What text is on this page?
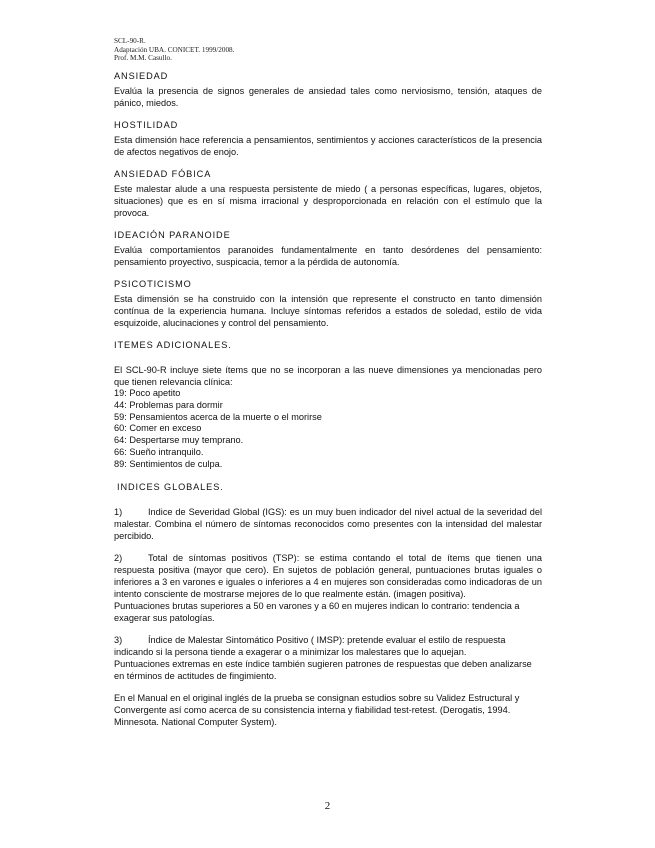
SCL-90-R.
Adaptación UBA. CONICET. 1999/2008.
Prof. M.M. Casullo.
ANSIEDAD

Evalúa la presencia de signos generales de ansiedad tales como nerviosismo, tensión, ataques de pánico, miedos.

HOSTILIDAD

Esta dimensión hace referencia a pensamientos, sentimientos y acciones característicos de la presencia de afectos negativos de enojo.

ANSIEDAD FÓBICA

Este malestar alude a una respuesta persistente de miedo ( a personas específicas, lugares, objetos, situaciones) que es en sí misma irracional y desproporcionada en relación con el estímulo que la provoca.

IDEACIÓN PARANOIDE

Evalúa comportamientos paranoides fundamentalmente en tanto desórdenes del pensamiento: pensamiento proyectivo, suspicacia, temor a la pérdida de autonomía.

PSICOTICISMO

Esta dimensión se ha construido con la intensión que represente el constructo en tanto dimensión contínua de la experiencia humana. Incluye síntomas referidos a estados de soledad, estilo de vida esquizoide, alucinaciones y control del pensamiento.

ITEMES ADICIONALES.

El SCL-90-R incluye siete ítems que no se incorporan a las nueve dimensiones ya mencionadas pero que tienen relevancia clínica:

19: Poco apetito
44: Problemas para dormir
59: Pensamientos acerca de la muerte o el morirse
60: Comer en exceso
64: Despertarse muy temprano.
66: Sueño intranquilo.
89: Sentimientos de culpa.
INDICES GLOBALES.

1)	Indice de Severidad Global (IGS): es un muy buen indicador del nivel actual de la severidad del malestar. Combina el número de síntomas reconocidos como presentes con la intensidad del malestar percibido.

2)	Total de síntomas positivos (TSP): se estima contando el total de ítems que tienen una respuesta positiva (mayor que cero). En sujetos de población general, puntuaciones brutas iguales o inferiores a 3 en varones e iguales o inferiores a 4 en mujeres son consideradas como indicadoras de un intento consciente de mostrarse mejores de lo que realmente están. (imagen positiva).

Puntuaciones brutas superiores a 50 en varones y a 60 en mujeres indican lo contrario: tendencia a exagerar sus patologías.

3)	Índice de Malestar Sintomático Positivo ( IMSP): pretende evaluar el estilo de respuesta indicando si la persona tiende a exagerar o a minimizar los malestares que lo aquejan.

Puntuaciones extremas en este índice también sugieren patrones de respuestas que deben analizarse en términos de actitudes de fingimiento.

En el Manual en el original inglés de la prueba se consignan estudios sobre su Validez Estructural y Convergente así como acerca de su consistencia interna y fiabilidad test-retest. (Derogatis, 1994. Minnesota. National Computer System).

2
